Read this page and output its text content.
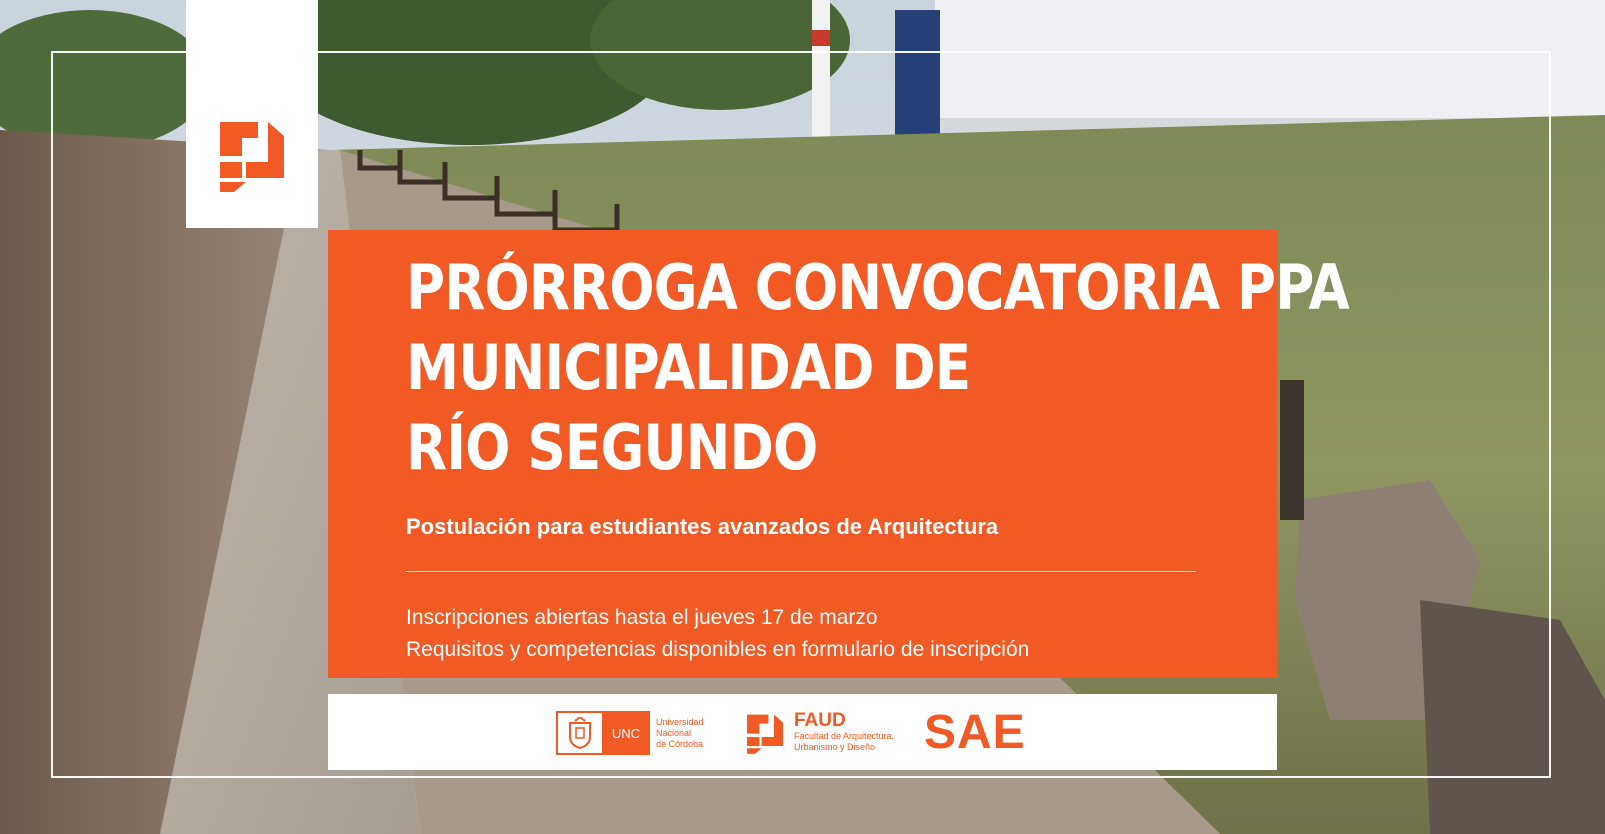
PRÓRROGA CONVOCATORIA PPA
MUNICIPALIDAD DE
RÍO SEGUNDO

Postulación para estudiantes avanzados de Arquitectura

Inscripciones abiertas hasta el jueves 17 de marzo
Requisitos y competencias disponibles en formulario de inscripción

UNC
Universidad
Nacional
de Córdoba
FAUD
Facultad de Arquitectura,
Urbanismo y Diseño	SAE
